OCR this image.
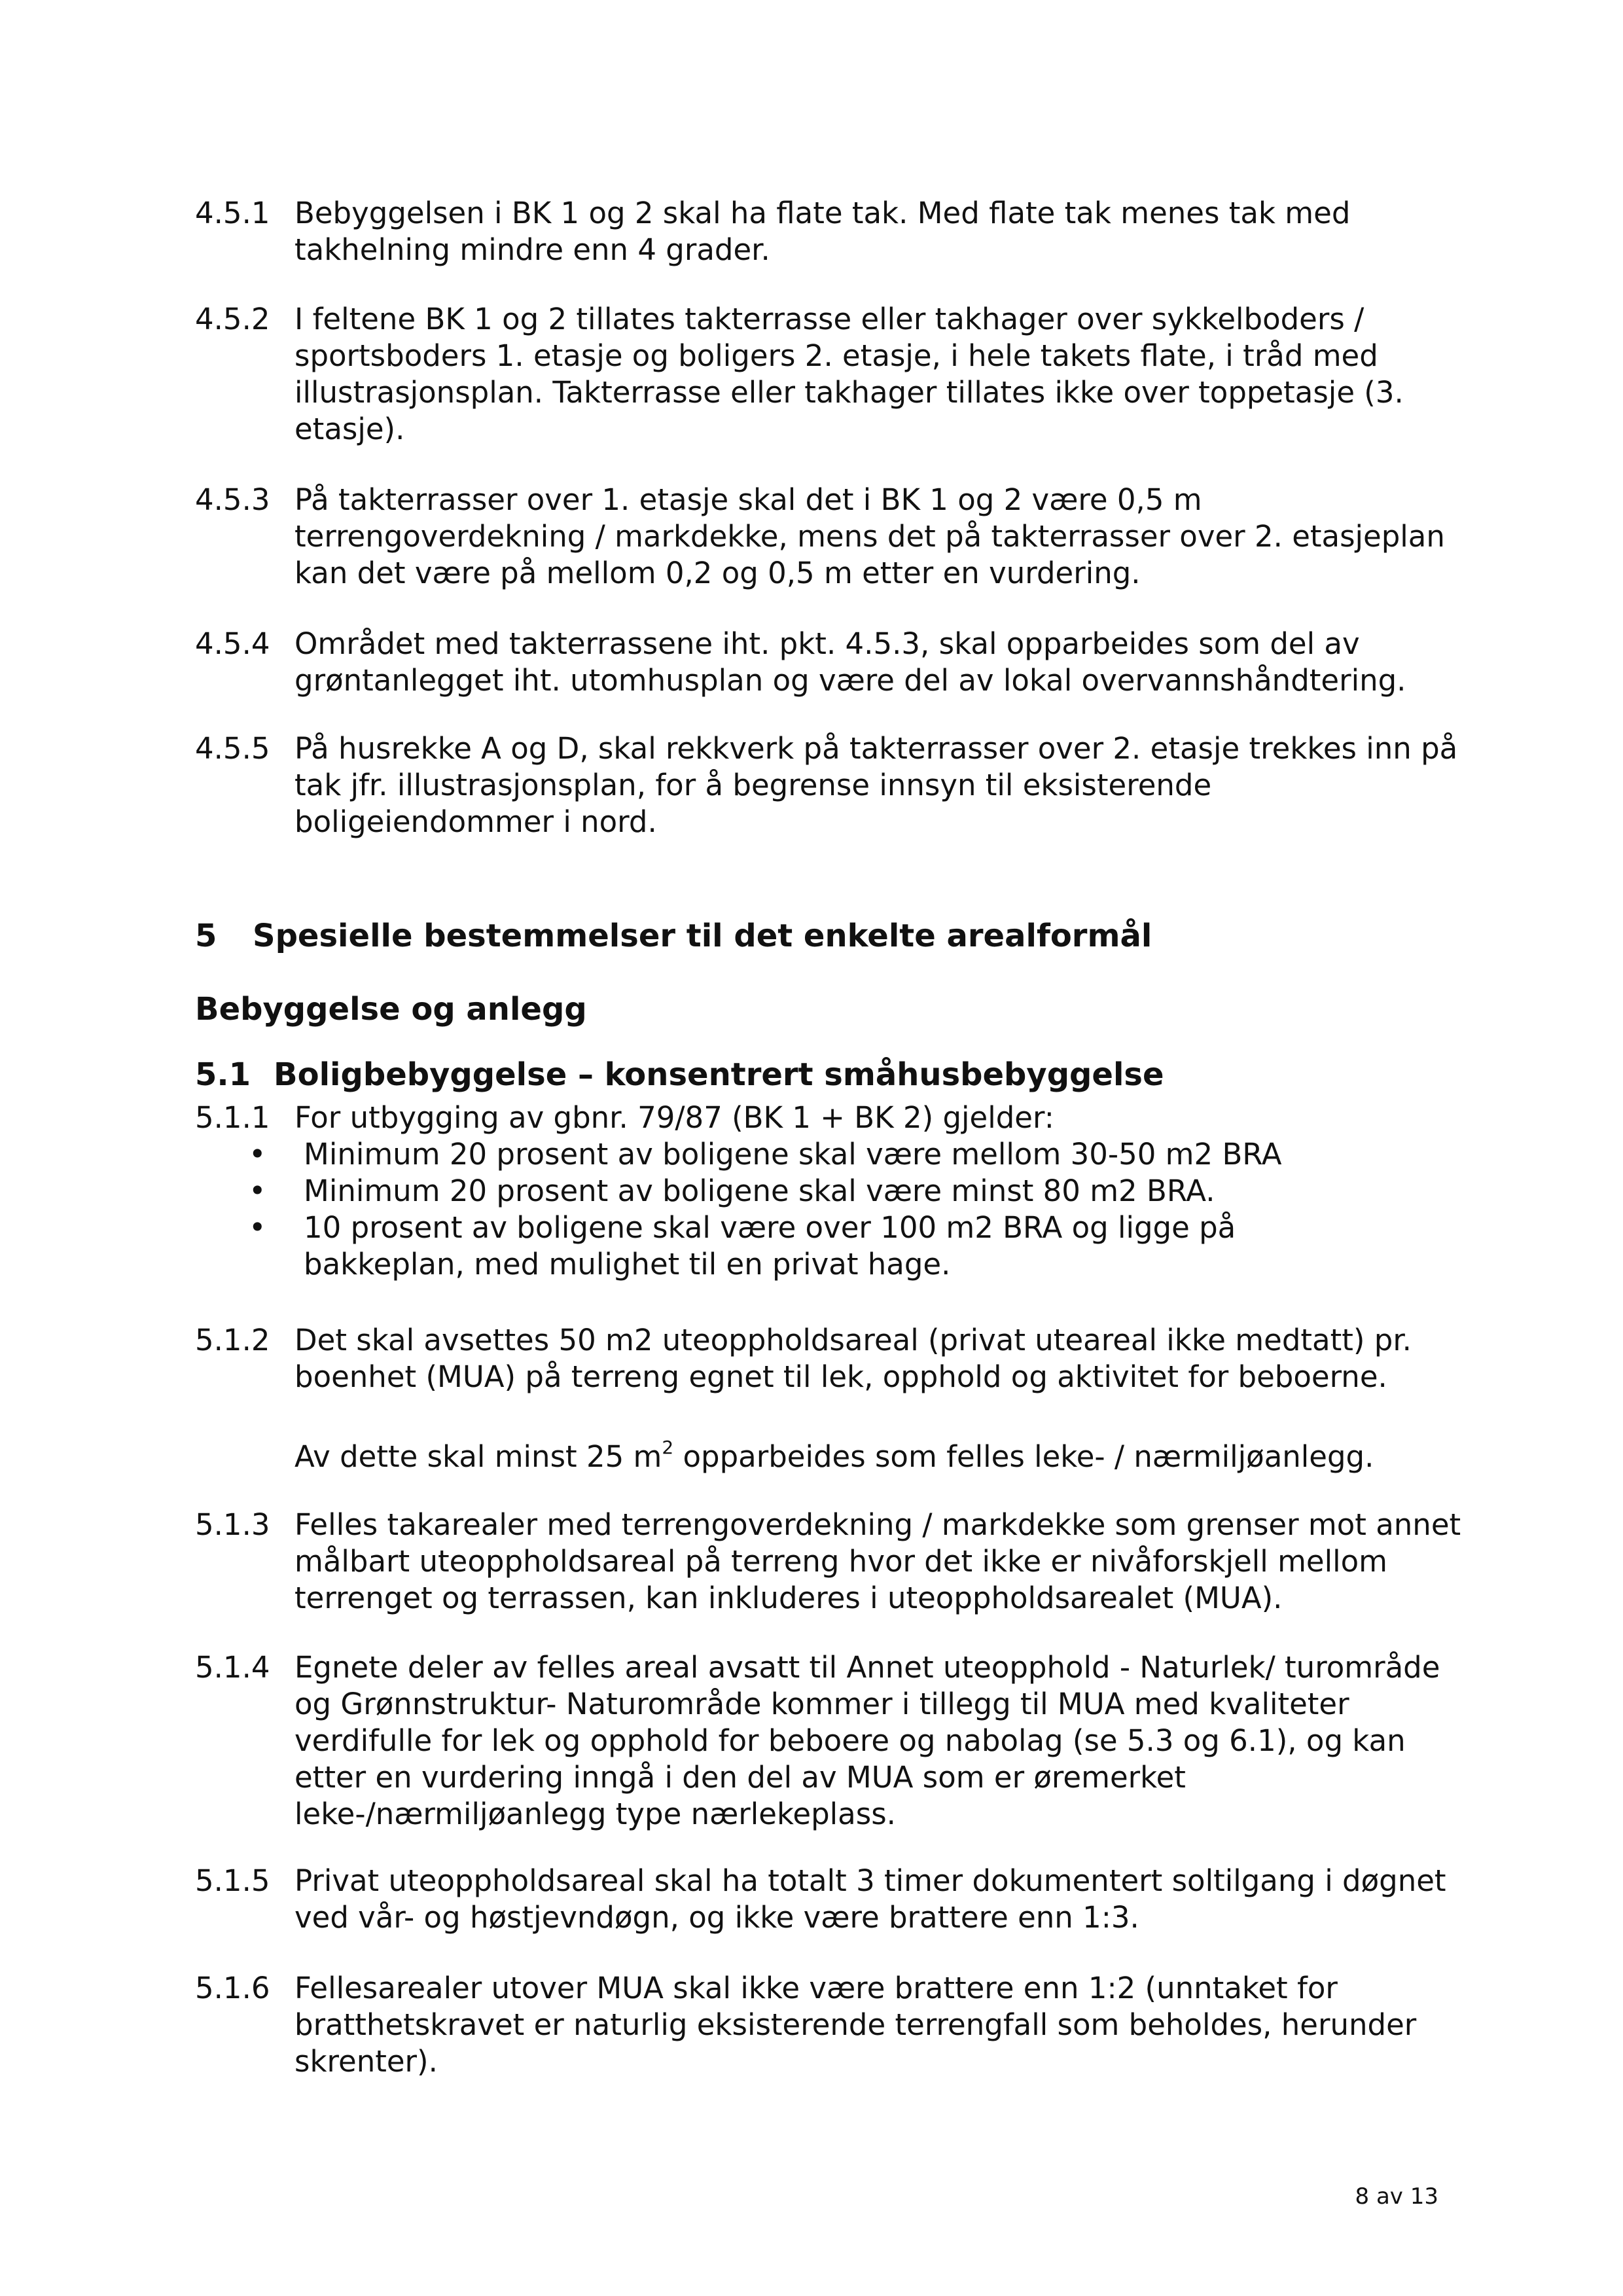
4.5.1 Bebyggelsen i BK 1 og 2 skal ha flate tak. Med flate tak menes tak med takhelning mindre enn 4 grader.
4.5.2 I feltene BK 1 og 2 tillates takterrasse eller takhager over sykkelboders / sportsboders 1. etasje og boligers 2. etasje, i hele takets flate, i tråd med illustrasjonsplan. Takterrasse eller takhager tillates ikke over toppetasje (3. etasje).
4.5.3 På takterrasser over 1. etasje skal det i BK 1 og 2 være 0,5 m terrengoverdekning / markdekke, mens det på takterrasser over 2. etasjeplan kan det være på mellom 0,2 og 0,5 m etter en vurdering.
4.5.4 Området med takterrassene iht. pkt. 4.5.3, skal opparbeides som del av grøntanlegget iht. utomhusplan og være del av lokal overvannshåndtering.
4.5.5 På husrekke A og D, skal rekkverk på takterrasser over 2. etasje trekkes inn på tak jfr. illustrasjonsplan, for å begrense innsyn til eksisterende boligeiendommer i nord.
5 Spesielle bestemmelser til det enkelte arealformål
Bebyggelse og anlegg
5.1 Boligbebyggelse – konsentrert småhusbebyggelse
5.1.1 For utbygging av gbnr. 79/87 (BK 1 + BK 2) gjelder:
• Minimum 20 prosent av boligene skal være mellom 30-50 m2 BRA
• Minimum 20 prosent av boligene skal være minst 80 m2 BRA.
• 10 prosent av boligene skal være over 100 m2 BRA og ligge på bakkeplan, med mulighet til en privat hage.
5.1.2 Det skal avsettes 50 m2 uteoppholdsareal (privat uteareal ikke medtatt) pr. boenhet (MUA) på terreng egnet til lek, opphold og aktivitet for beboerne.
Av dette skal minst 25 $m^2$ opparbeides som felles leke- / nærmiljøanlegg.
5.1.3 Felles takarealer med terrengoverdekning / markdekke som grenser mot annet målbart uteoppholdsareal på terreng hvor det ikke er nivåforskjell mellom terrenget og terrassen, kan inkluderes i uteoppholdsarealet (MUA).
5.1.4 Egnete deler av felles areal avsatt til Annet uteopphold - Naturlek/ turområde og Grønnstruktur- Naturområde kommer i tillegg til MUA med kvaliteter verdifulle for lek og opphold for beboere og nabolag (se 5.3 og 6.1), og kan etter en vurdering inngå i den del av MUA som er øremerket leke-/nærmiljøanlegg type nærlekeplass.
5.1.5 Privat uteoppholdsareal skal ha totalt 3 timer dokumentert soltilgang i døgnet ved vår- og høstjevndøgn, og ikke være brattere enn 1:3.
5.1.6 Fellesarealer utover MUA skal ikke være brattere enn 1:2 (unntaket for bratthetskravet er naturlig eksisterende terrengfall som beholdes, herunder skrenter).
8 av 13
